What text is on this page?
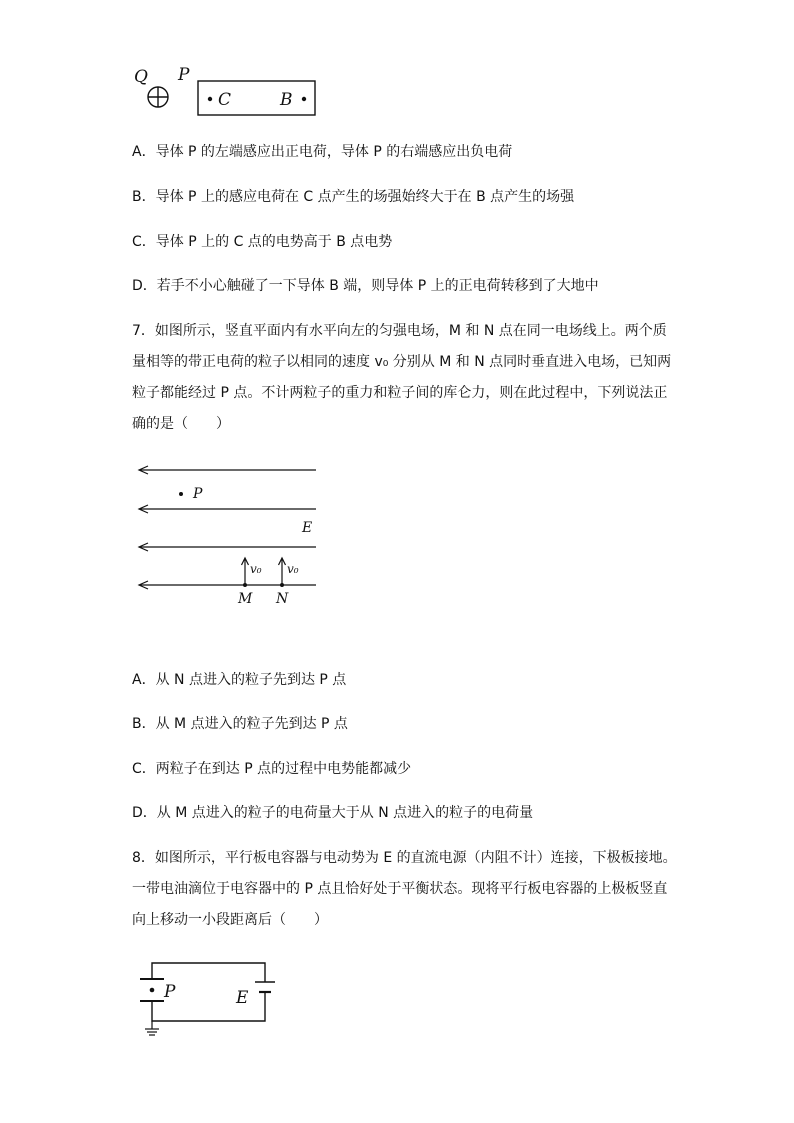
Q P
C	B
A．导体 P 的左端感应出正电荷，导体 P 的右端感应出负电荷
B．导体 P 上的感应电荷在 C 点产生的场强始终大于在 B 点产生的场强
C．导体 P 上的 C 点的电势高于 B 点电势
D．若手不小心触碰了一下导体 B 端，则导体 P 上的正电荷转移到了大地中
7．如图所示，竖直平面内有水平向左的匀强电场，M 和 N 点在同一电场线上。两个质
量相等的带正电荷的粒子以相同的速度 v₀ 分别从 M 和 N 点同时垂直进入电场，已知两
粒子都能经过 P 点。不计两粒子的重力和粒子间的库仑力，则在此过程中，下列说法正
确的是（　　）
P
E
v₀
M
v₀
N
A．从 N 点进入的粒子先到达 P 点
B．从 M 点进入的粒子先到达 P 点
C．两粒子在到达 P 点的过程中电势能都减少
D．从 M 点进入的粒子的电荷量大于从 N 点进入的粒子的电荷量
8．如图所示，平行板电容器与电动势为 E 的直流电源（内阻不计）连接，下极板接地。
一带电油滴位于电容器中的 P 点且恰好处于平衡状态。现将平行板电容器的上极板竖直
向上移动一小段距离后（　　）
P	E
